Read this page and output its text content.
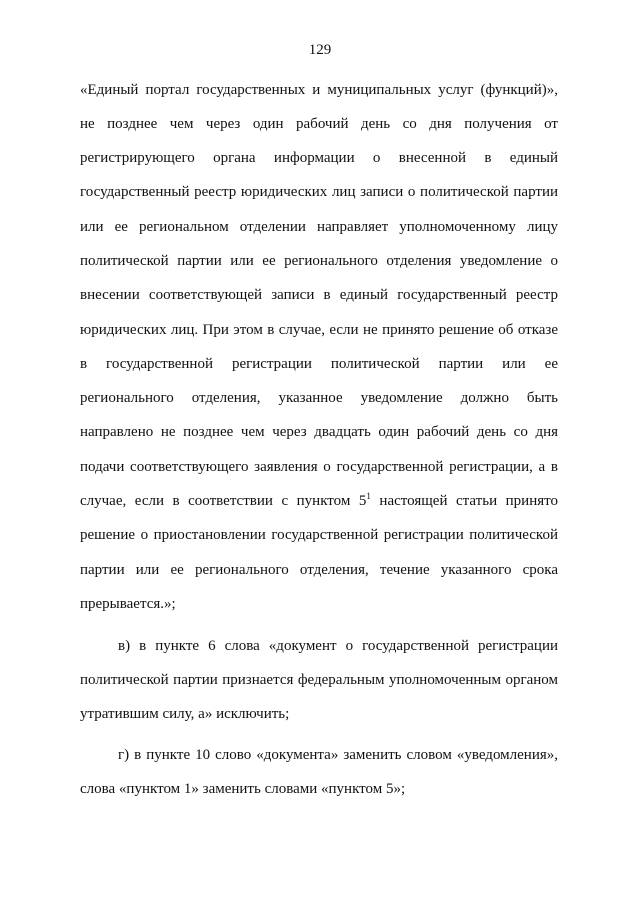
129
«Единый портал государственных и муниципальных услуг (функций)»,
не позднее чем через один рабочий день со дня получения от
регистрирующего органа информации о внесенной в единый
государственный реестр юридических лиц записи о политической партии
или ее региональном отделении направляет уполномоченному лицу
политической партии или ее регионального отделения уведомление о
внесении соответствующей записи в единый государственный реестр
юридических лиц. При этом в случае, если не принято решение об отказе
в государственной регистрации политической партии или ее
регионального отделения, указанное уведомление должно быть
направлено не позднее чем через двадцать один рабочий день со дня
подачи соответствующего заявления о государственной регистрации, а в
случае, если в соответствии с пунктом $5^1$ настоящей статьи принято
решение о приостановлении государственной регистрации политической
партии или ее регионального отделения, течение указанного срока
прерывается.»;
в) в пункте 6 слова «документ о государственной регистрации
политической партии признается федеральным уполномоченным органом
утратившим силу, а» исключить;
г) в пункте 10 слово «документа» заменить словом «уведомления»,
слова «пунктом 1» заменить словами «пунктом 5»;
